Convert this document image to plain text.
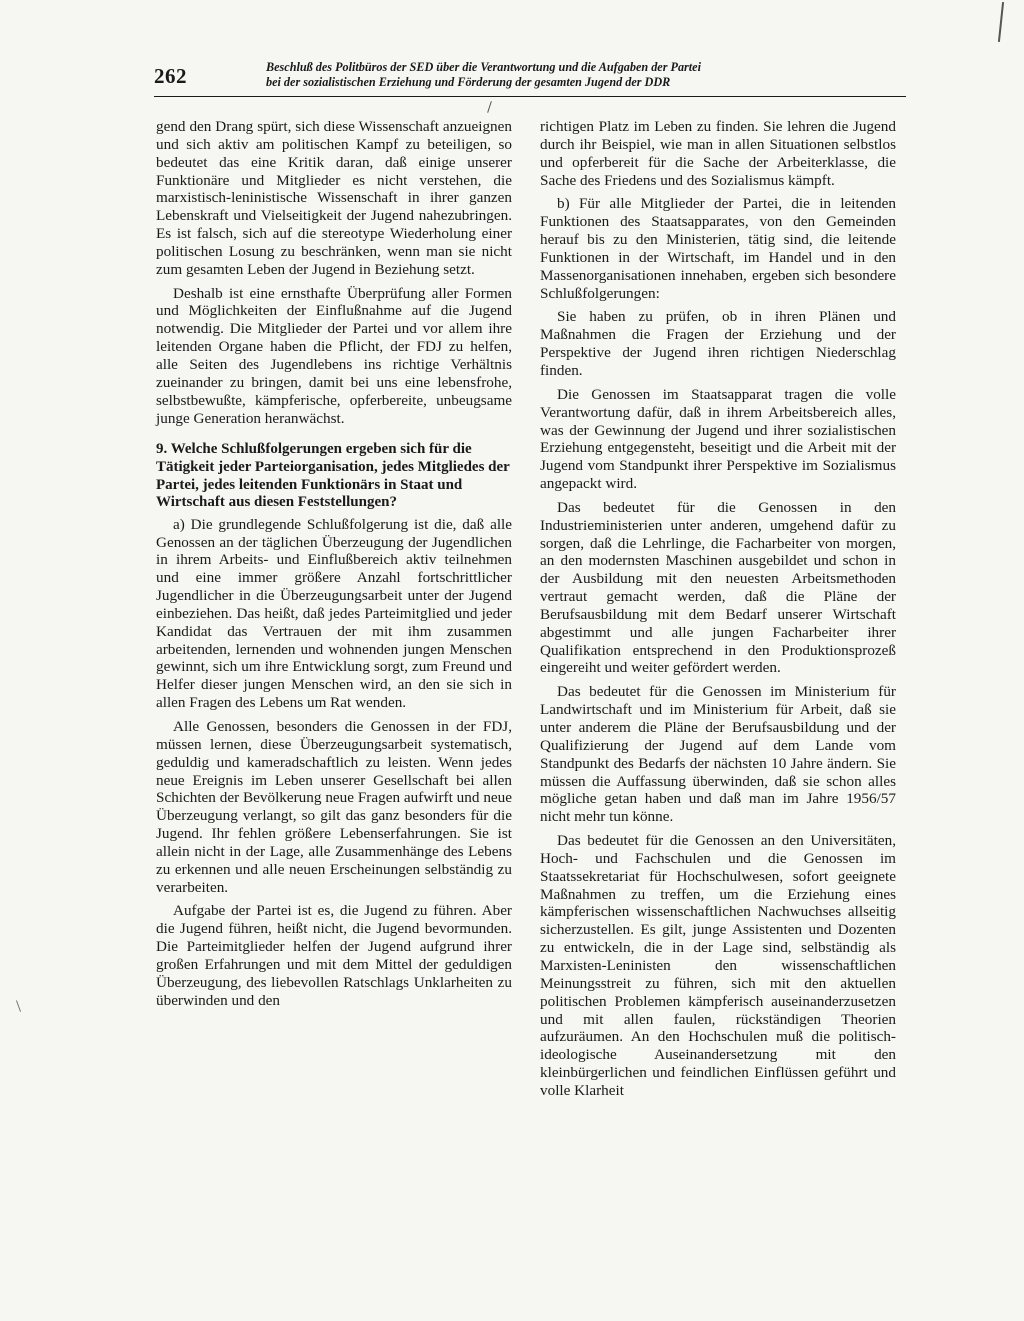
262	Beschluß des Politbüros der SED über die Verantwortung und die Aufgaben der Partei
bei der sozialistischen Erziehung und Förderung der gesamten Jugend der DDR

gend den Drang spürt, sich diese Wissenschaft anzueignen und sich aktiv am politischen Kampf zu beteiligen, so bedeutet das eine Kritik daran, daß einige unserer Funktionäre und Mitglieder es nicht verstehen, die marxistisch-leninistische Wissenschaft in ihrer ganzen Lebenskraft und Vielseitigkeit der Jugend nahezubringen. Es ist falsch, sich auf die stereotype Wiederholung einer politischen Losung zu beschränken, wenn man sie nicht zum gesamten Leben der Jugend in Beziehung setzt.

Deshalb ist eine ernsthafte Überprüfung aller Formen und Möglichkeiten der Einflußnahme auf die Jugend notwendig. Die Mitglieder der Partei und vor allem ihre leitenden Organe haben die Pflicht, der FDJ zu helfen, alle Seiten des Jugendlebens ins richtige Verhältnis zueinander zu bringen, damit bei uns eine lebensfrohe, selbstbewußte, kämpferische, opferbereite, unbeugsame junge Generation heranwächst.

9. Welche Schlußfolgerungen ergeben sich für die Tätigkeit jeder Parteiorganisation, jedes Mitgliedes der Partei, jedes leitenden Funktionärs in Staat und Wirtschaft aus diesen Feststellungen?

a) Die grundlegende Schlußfolgerung ist die, daß alle Genossen an der täglichen Überzeugung der Jugendlichen in ihrem Arbeits- und Einflußbereich aktiv teilnehmen und eine immer größere Anzahl fortschrittlicher Jugendlicher in die Überzeugungsarbeit unter der Jugend einbeziehen. Das heißt, daß jedes Parteimitglied und jeder Kandidat das Vertrauen der mit ihm zusammen arbeitenden, lernenden und wohnenden jungen Menschen gewinnt, sich um ihre Entwicklung sorgt, zum Freund und Helfer dieser jungen Menschen wird, an den sie sich in allen Fragen des Lebens um Rat wenden.

Alle Genossen, besonders die Genossen in der FDJ, müssen lernen, diese Überzeugungsarbeit systematisch, geduldig und kameradschaftlich zu leisten. Wenn jedes neue Ereignis im Leben unserer Gesellschaft bei allen Schichten der Bevölkerung neue Fragen aufwirft und neue Überzeugung verlangt, so gilt das ganz besonders für die Jugend. Ihr fehlen größere Lebenserfahrungen. Sie ist allein nicht in der Lage, alle Zusammenhänge des Lebens zu erkennen und alle neuen Erscheinungen selbständig zu verarbeiten.

Aufgabe der Partei ist es, die Jugend zu führen. Aber die Jugend führen, heißt nicht, die Jugend bevormunden. Die Parteimitglieder helfen der Jugend aufgrund ihrer großen Erfahrungen und mit dem Mittel der geduldigen Überzeugung, des liebevollen Ratschlags Unklarheiten zu überwinden und den

richtigen Platz im Leben zu finden. Sie lehren die Jugend durch ihr Beispiel, wie man in allen Situationen selbstlos und opferbereit für die Sache der Arbeiterklasse, die Sache des Friedens und des Sozialismus kämpft.

b) Für alle Mitglieder der Partei, die in leitenden Funktionen des Staatsapparates, von den Gemeinden herauf bis zu den Ministerien, tätig sind, die leitende Funktionen in der Wirtschaft, im Handel und in den Massenorganisationen innehaben, ergeben sich besondere Schlußfolgerungen:

Sie haben zu prüfen, ob in ihren Plänen und Maßnahmen die Fragen der Erziehung und der Perspektive der Jugend ihren richtigen Niederschlag finden.

Die Genossen im Staatsapparat tragen die volle Verantwortung dafür, daß in ihrem Arbeitsbereich alles, was der Gewinnung der Jugend und ihrer sozialistischen Erziehung entgegensteht, beseitigt und die Arbeit mit der Jugend vom Standpunkt ihrer Perspektive im Sozialismus angepackt wird.

Das bedeutet für die Genossen in den Industrieministerien unter anderen, umgehend dafür zu sorgen, daß die Lehrlinge, die Facharbeiter von morgen, an den modernsten Maschinen ausgebildet und schon in der Ausbildung mit den neuesten Arbeitsmethoden vertraut gemacht werden, daß die Pläne der Berufsausbildung mit dem Bedarf unserer Wirtschaft abgestimmt und alle jungen Facharbeiter ihrer Qualifikation entsprechend in den Produktionsprozeß eingereiht und weiter gefördert werden.

Das bedeutet für die Genossen im Ministerium für Landwirtschaft und im Ministerium für Arbeit, daß sie unter anderem die Pläne der Berufsausbildung und der Qualifizierung der Jugend auf dem Lande vom Standpunkt des Bedarfs der nächsten 10 Jahre ändern. Sie müssen die Auffassung überwinden, daß sie schon alles mögliche getan haben und daß man im Jahre 1956/57 nicht mehr tun könne.

Das bedeutet für die Genossen an den Universitäten, Hoch- und Fachschulen und die Genossen im Staatssekretariat für Hochschulwesen, sofort geeignete Maßnahmen zu treffen, um die Erziehung eines kämpferischen wissenschaftlichen Nachwuchses allseitig sicherzustellen. Es gilt, junge Assistenten und Dozenten zu entwickeln, die in der Lage sind, selbständig als Marxisten-Leninisten den wissenschaftlichen Meinungsstreit zu führen, sich mit den aktuellen politischen Problemen kämpferisch auseinanderzusetzen und mit allen faulen, rückständigen Theorien aufzuräumen. An den Hochschulen muß die politisch-ideologische Auseinandersetzung mit den kleinbürgerlichen und feindlichen Einflüssen geführt und volle Klarheit
